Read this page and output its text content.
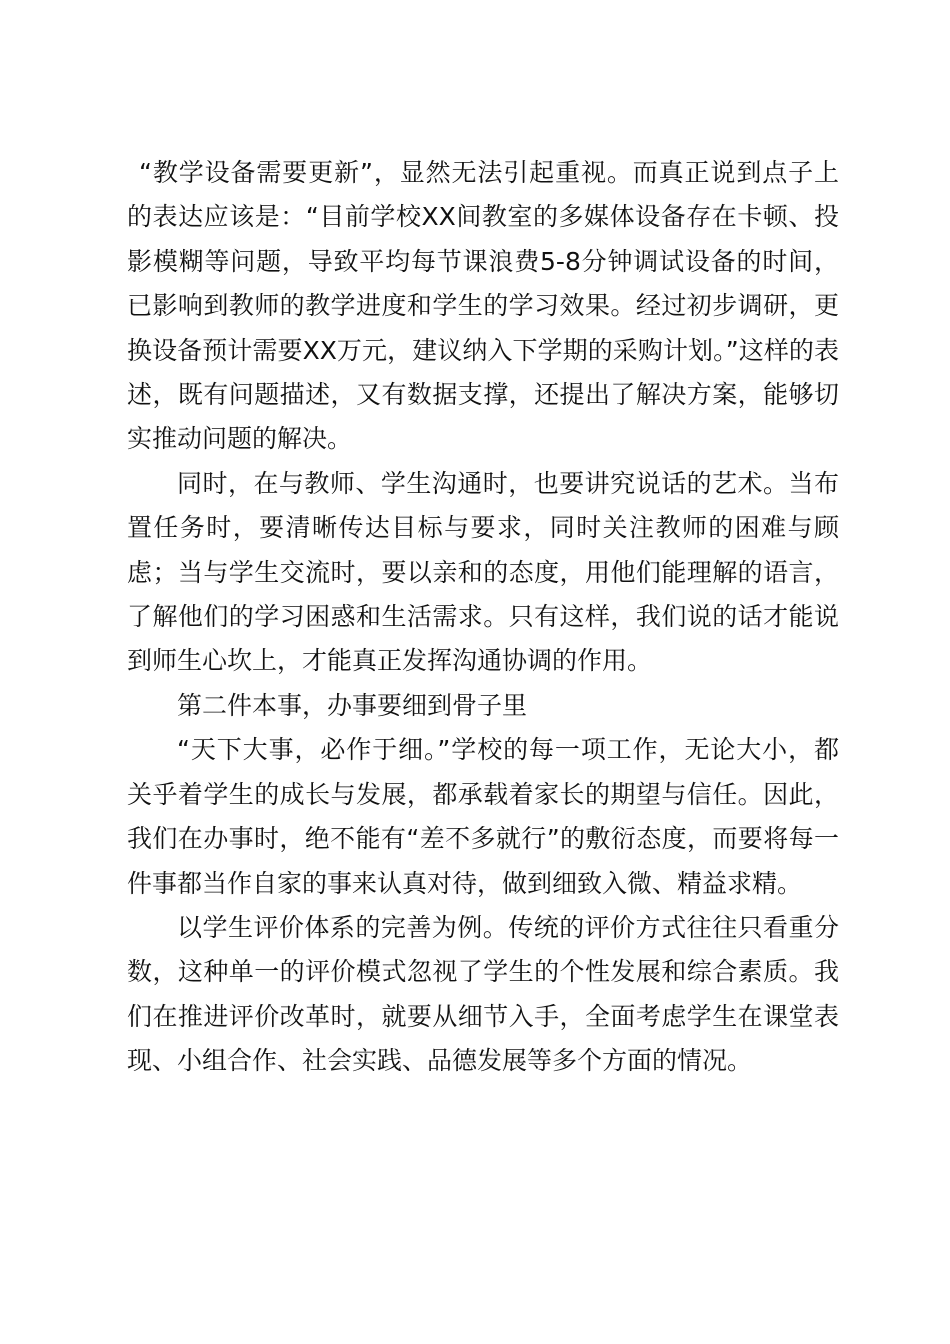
“教学设备需要更新”，显然无法引起重视。而真正说到点子上的表达应该是：“目前学校XX间教室的多媒体设备存在卡顿、投影模糊等问题，导致平均每节课浪费5-8分钟调试设备的时间，已影响到教师的教学进度和学生的学习效果。经过初步调研，更换设备预计需要XX万元，建议纳入下学期的采购计划。”这样的表述，既有问题描述，又有数据支撑，还提出了解决方案，能够切实推动问题的解决。

同时，在与教师、学生沟通时，也要讲究说话的艺术。当布置任务时，要清晰传达目标与要求，同时关注教师的困难与顾虑；当与学生交流时，要以亲和的态度，用他们能理解的语言，了解他们的学习困惑和生活需求。只有这样，我们说的话才能说到师生心坎上，才能真正发挥沟通协调的作用。

第二件本事，办事要细到骨子里

“天下大事，必作于细。”学校的每一项工作，无论大小，都关乎着学生的成长与发展，都承载着家长的期望与信任。因此，我们在办事时，绝不能有“差不多就行”的敷衍态度，而要将每一件事都当作自家的事来认真对待，做到细致入微、精益求精。

以学生评价体系的完善为例。传统的评价方式往往只看重分数，这种单一的评价模式忽视了学生的个性发展和综合素质。我们在推进评价改革时，就要从细节入手，全面考虑学生在课堂表现、小组合作、社会实践、品德发展等多个方面的情况。
